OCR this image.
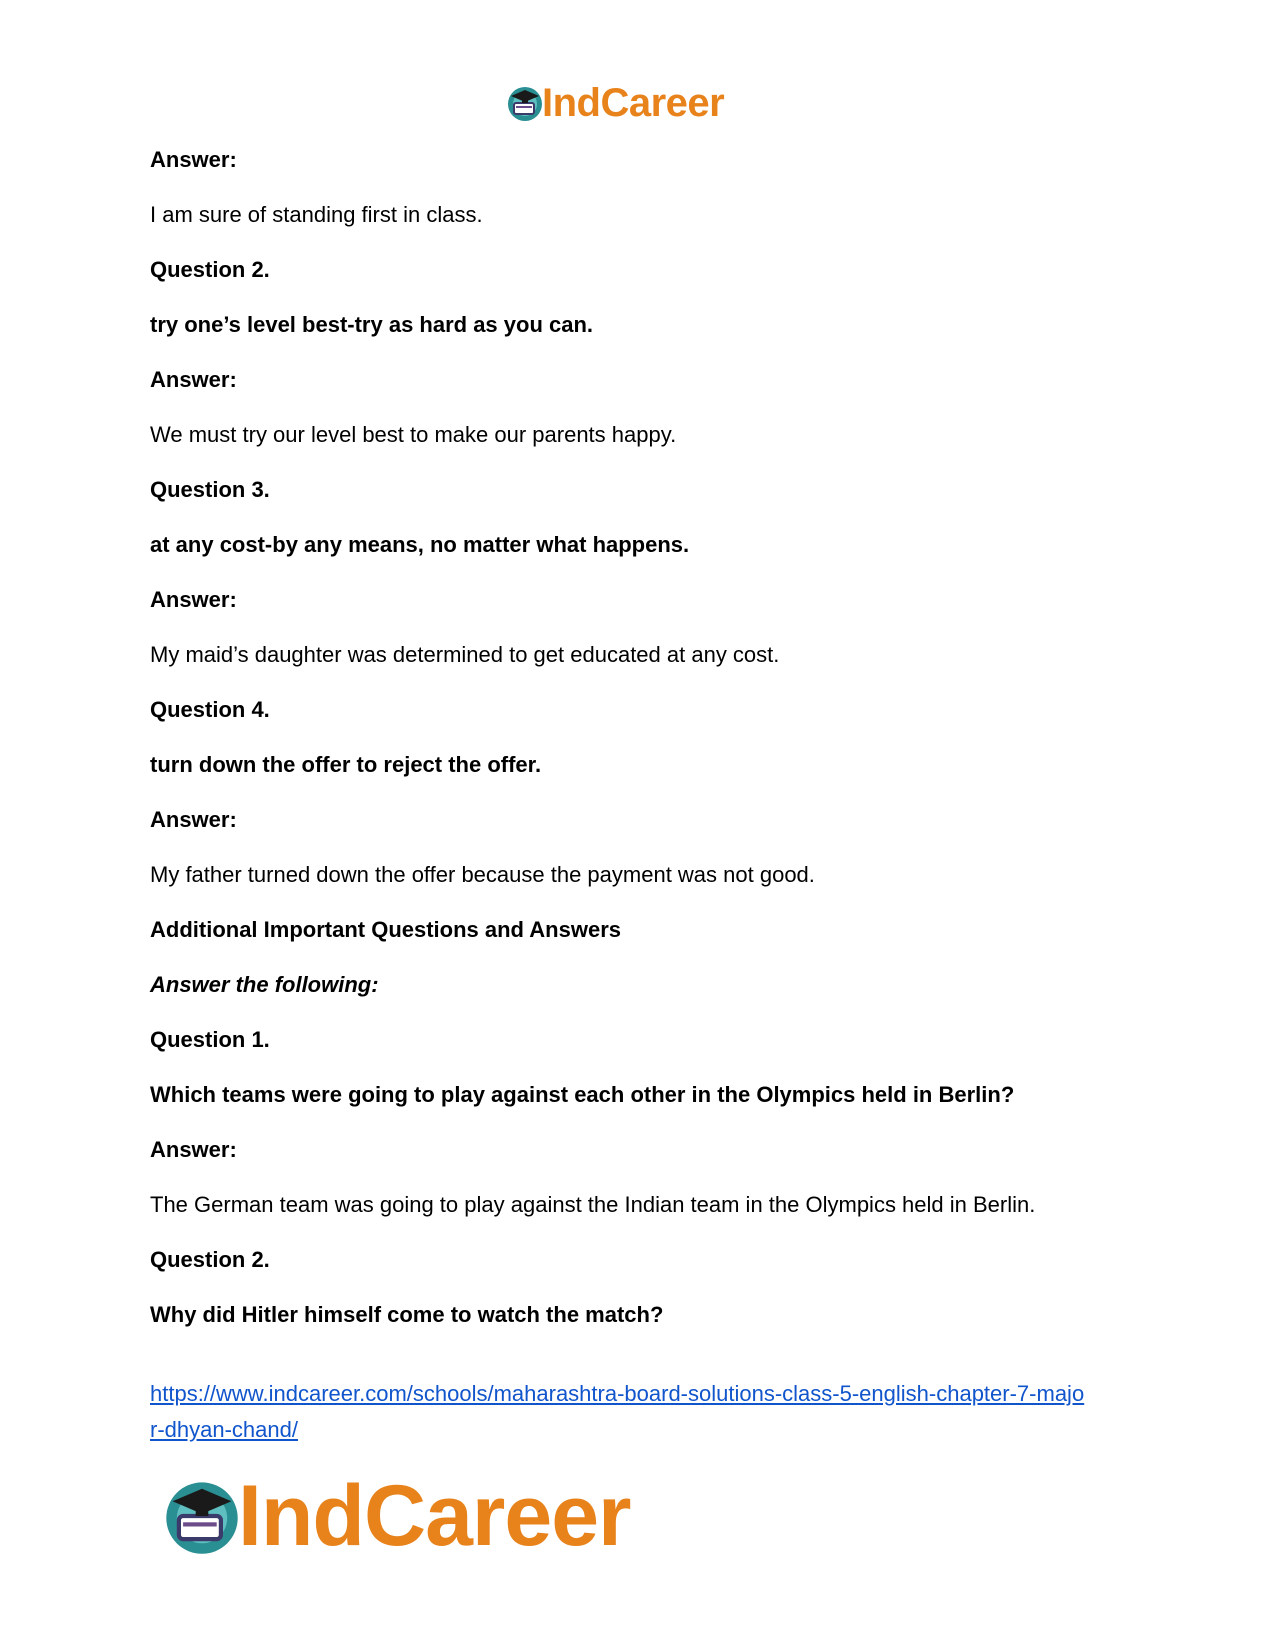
IndCareer
Answer:
I am sure of standing first in class.
Question 2.
try one’s level best-try as hard as you can.
Answer:
We must try our level best to make our parents happy.
Question 3.
at any cost-by any means, no matter what happens.
Answer:
My maid’s daughter was determined to get educated at any cost.
Question 4.
turn down the offer to reject the offer.
Answer:
My father turned down the offer because the payment was not good.
Additional Important Questions and Answers
Answer the following:
Question 1.
Which teams were going to play against each other in the Olympics held in Berlin?
Answer:
The German team was going to play against the Indian team in the Olympics held in Berlin.
Question 2.
Why did Hitler himself come to watch the match?
https://www.indcareer.com/schools/maharashtra-board-solutions-class-5-english-chapter-7-majo
r-dhyan-chand/
IndCareer
